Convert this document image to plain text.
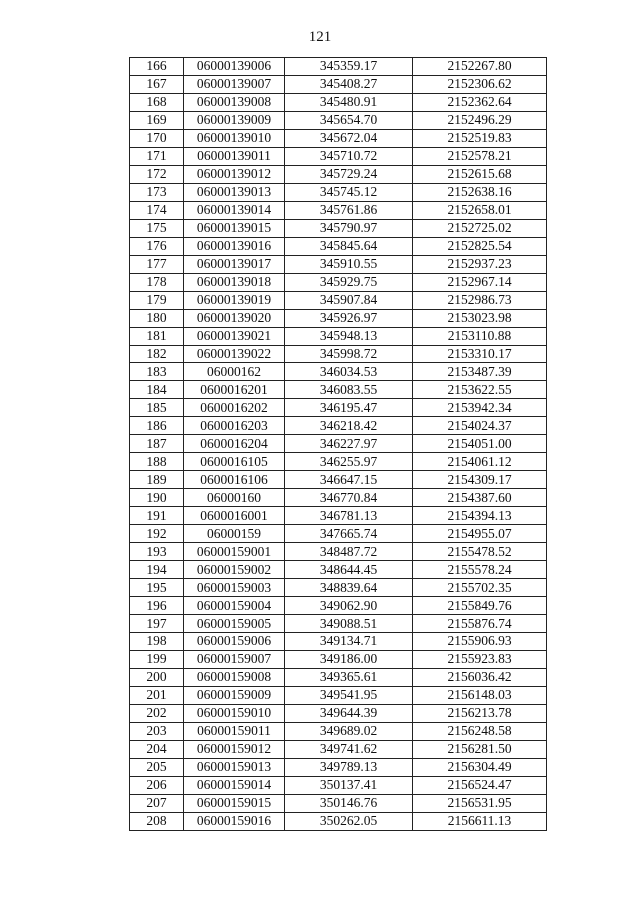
121
166	06000139006	345359.17	2152267.80
167	06000139007	345408.27	2152306.62
168	06000139008	345480.91	2152362.64
169	06000139009	345654.70	2152496.29
170	06000139010	345672.04	2152519.83
171	06000139011	345710.72	2152578.21
172	06000139012	345729.24	2152615.68
173	06000139013	345745.12	2152638.16
174	06000139014	345761.86	2152658.01
175	06000139015	345790.97	2152725.02
176	06000139016	345845.64	2152825.54
177	06000139017	345910.55	2152937.23
178	06000139018	345929.75	2152967.14
179	06000139019	345907.84	2152986.73
180	06000139020	345926.97	2153023.98
181	06000139021	345948.13	2153110.88
182	06000139022	345998.72	2153310.17
183	06000162	346034.53	2153487.39
184	0600016201	346083.55	2153622.55
185	0600016202	346195.47	2153942.34
186	0600016203	346218.42	2154024.37
187	0600016204	346227.97	2154051.00
188	0600016105	346255.97	2154061.12
189	0600016106	346647.15	2154309.17
190	06000160	346770.84	2154387.60
191	0600016001	346781.13	2154394.13
192	06000159	347665.74	2154955.07
193	06000159001	348487.72	2155478.52
194	06000159002	348644.45	2155578.24
195	06000159003	348839.64	2155702.35
196	06000159004	349062.90	2155849.76
197	06000159005	349088.51	2155876.74
198	06000159006	349134.71	2155906.93
199	06000159007	349186.00	2155923.83
200	06000159008	349365.61	2156036.42
201	06000159009	349541.95	2156148.03
202	06000159010	349644.39	2156213.78
203	06000159011	349689.02	2156248.58
204	06000159012	349741.62	2156281.50
205	06000159013	349789.13	2156304.49
206	06000159014	350137.41	2156524.47
207	06000159015	350146.76	2156531.95
208	06000159016	350262.05	2156611.13
